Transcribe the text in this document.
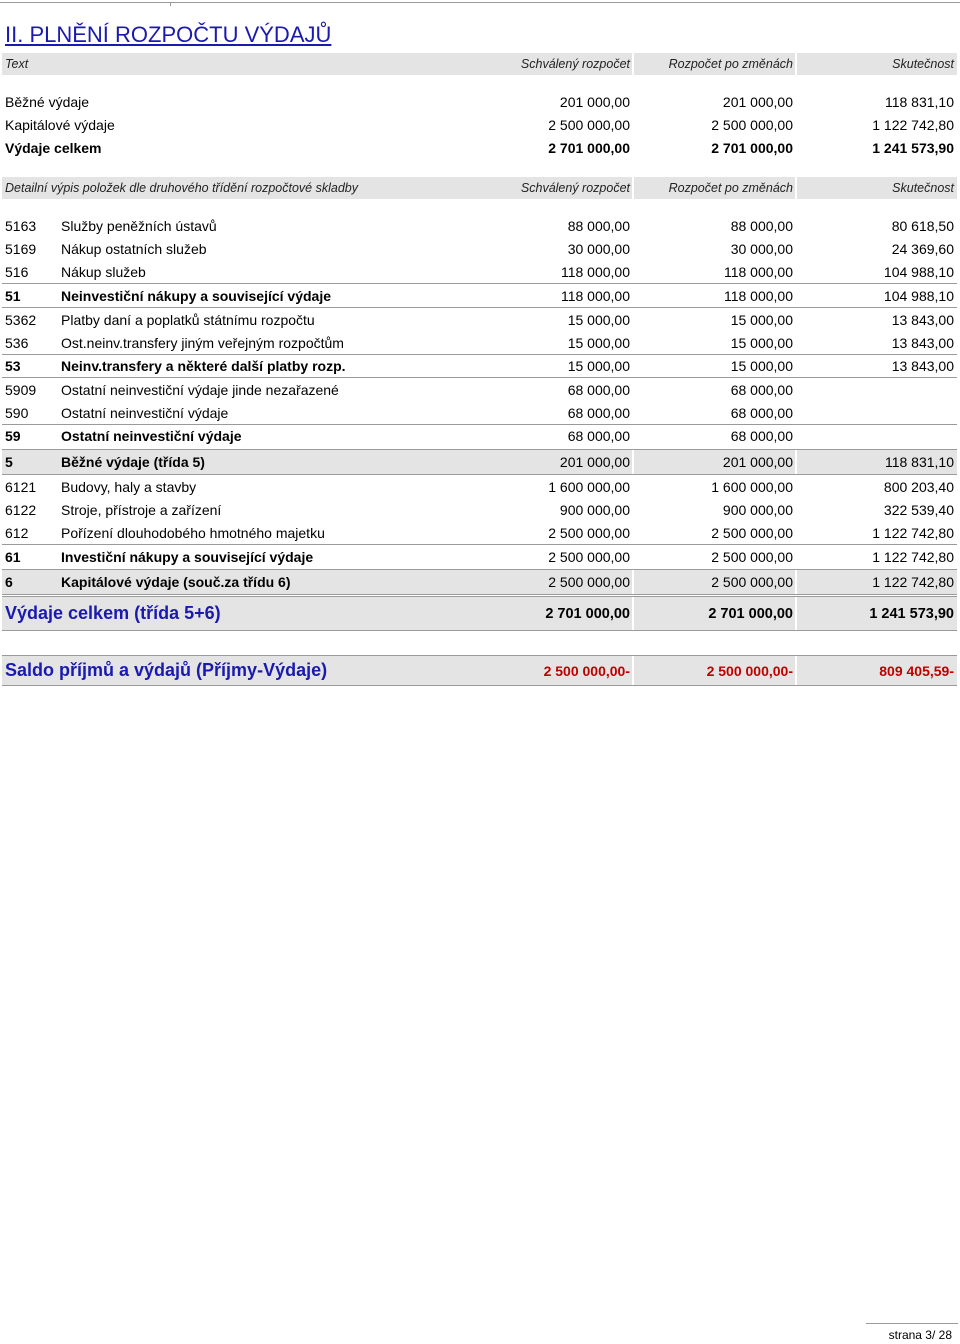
II. PLNĚNÍ ROZPOČTU VÝDAJŮ
Text	Schválený rozpočet	Rozpočet po změnách	Skutečnost
Běžné výdaje	201 000,00	201 000,00	118 831,10
Kapitálové výdaje	2 500 000,00	2 500 000,00	1 122 742,80
Výdaje celkem	2 701 000,00	2 701 000,00	1 241 573,90
Detailní výpis položek dle druhového třídění rozpočtové skladby	Schválený rozpočet	Rozpočet po změnách	Skutečnost
5163	Služby peněžních ústavů	88 000,00	88 000,00	80 618,50
5169	Nákup ostatních služeb	30 000,00	30 000,00	24 369,60
516	Nákup služeb	118 000,00	118 000,00	104 988,10
51	Neinvestiční nákupy a související výdaje	118 000,00	118 000,00	104 988,10
5362	Platby daní a poplatků státnímu rozpočtu	15 000,00	15 000,00	13 843,00
536	Ost.neinv.transfery jiným veřejným rozpočtům	15 000,00	15 000,00	13 843,00
53	Neinv.transfery a některé další platby rozp.	15 000,00	15 000,00	13 843,00
5909	Ostatní neinvestiční výdaje jinde nezařazené	68 000,00	68 000,00
590	Ostatní neinvestiční výdaje	68 000,00	68 000,00
59	Ostatní neinvestiční výdaje	68 000,00	68 000,00
5	Běžné výdaje (třída 5)	201 000,00	201 000,00	118 831,10
6121	Budovy, haly a stavby	1 600 000,00	1 600 000,00	800 203,40
6122	Stroje, přístroje a zařízení	900 000,00	900 000,00	322 539,40
612	Pořízení dlouhodobého hmotného majetku	2 500 000,00	2 500 000,00	1 122 742,80
61	Investiční nákupy a související výdaje	2 500 000,00	2 500 000,00	1 122 742,80
6	Kapitálové výdaje (souč.za třídu 6)	2 500 000,00	2 500 000,00	1 122 742,80
Výdaje celkem (třída 5+6)	2 701 000,00	2 701 000,00	1 241 573,90
Saldo příjmů a výdajů (Příjmy-Výdaje)	2 500 000,00-	2 500 000,00-	809 405,59-
strana 3/ 28
